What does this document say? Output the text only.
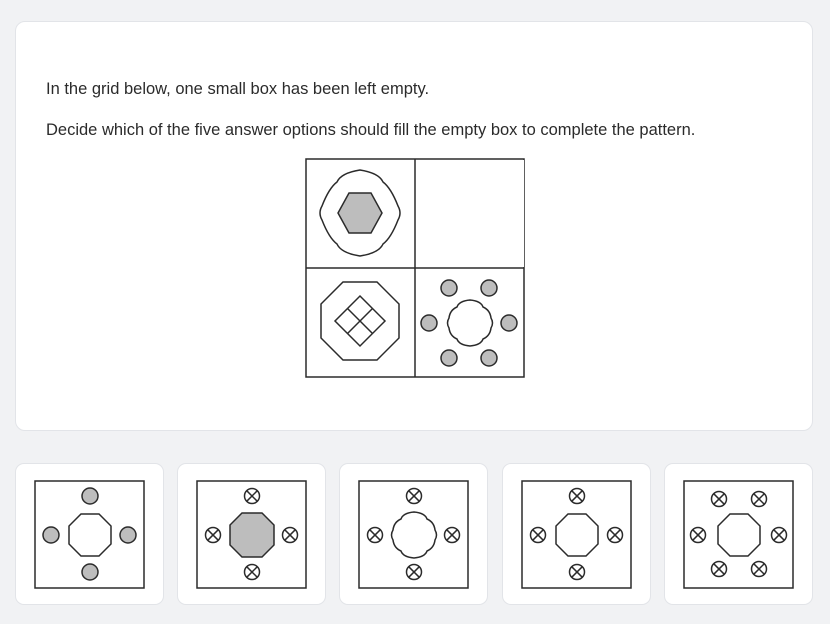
In the grid below, one small box has been left empty.

Decide which of the five answer options should fill the empty box to complete the pattern.
